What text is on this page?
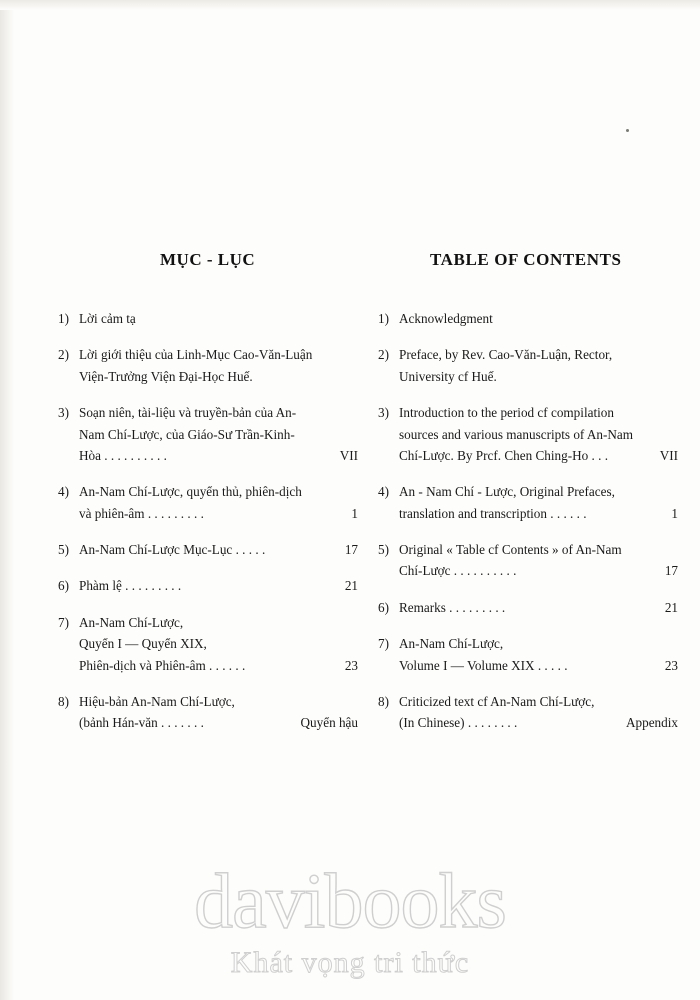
MỤC - LỤC
1) Lời cảm tạ
2) Lời giới thiệu của Linh-Mục Cao-Văn-Luận
Viện-Trưởng Viện Đại-Học Huế.
3) Soạn niên, tài-liệu và truyền-bản của An-
Nam Chí-Lược, của Giáo-Sư Trần-Kinh-
Hòa . . . . . . . . . .	VII
4) An-Nam Chí-Lược, quyển thủ, phiên-dịch
và phiên-âm . . . . . . . . .	1
5) An-Nam Chí-Lược Mục-Lục . . . . .	17
6) Phàm lệ . . . . . . . . .	21
7) An-Nam Chí-Lược,
Quyển I — Quyển XIX,
Phiên-dịch và Phiên-âm . . . . . .	23
8) Hiệu-bản An-Nam Chí-Lược,
(bảnh Hán-văn . . . . . . .	Quyển hậu
TABLE OF CONTENTS
1) Acknowledgment
2) Preface, by Rev. Cao-Văn-Luận, Rector,
University cf Huế.
3) Introduction to the period cf compilation
sources and various manuscripts of An-Nam
Chí-Lược. By Prcf. Chen Ching-Ho . . .	VII
4) An - Nam Chí - Lược, Original Prefaces,
translation and transcription . . . . . .	1
5) Original « Table cf Contents » of An-Nam
Chí-Lược . . . . . . . . . .	17
6) Remarks . . . . . . . . .	21
7) An-Nam Chí-Lược,
Volume I — Volume XIX . . . . .	23
8) Criticized text cf An-Nam Chí-Lược,
(In Chinese) . . . . . . . .	Appendix
davibooks
Khát vọng tri thức
